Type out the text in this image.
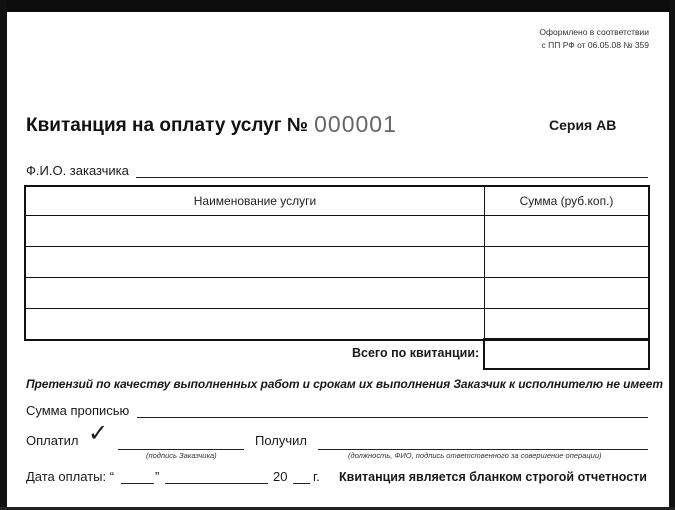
Оформлено в соответствии
с ПП РФ от 06.05.08 № 359
Квитанция на оплату услуг № 000001	Серия АВ
Ф.И.О. заказчика
Наименование услуги	Сумма (руб.коп.)

Всего по квитанции:
Претензий по качеству выполненных работ и срокам их выполнения Заказчик к исполнителю не имеет
Сумма прописью
Оплатил ✓
(подпись Заказчика)
Получил
(должность, ФИО, подпись ответственного за совершение операции)
Дата оплаты: “	”	20 г. Квитанция является бланком строгой отчетности
